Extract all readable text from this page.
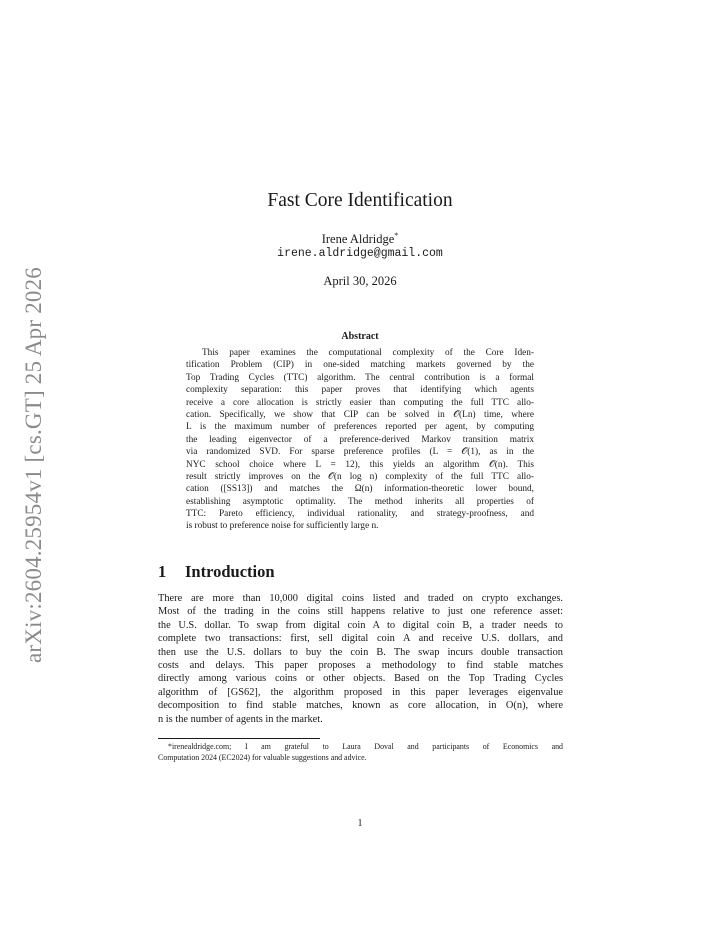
arXiv:2604.25954v1 [cs.GT] 25 Apr 2026
Fast Core Identification
Irene Aldridge*
irene.aldridge@gmail.com
April 30, 2026
Abstract
This paper examines the computational complexity of the Core Iden-
tification Problem (CIP) in one-sided matching markets governed by the
Top Trading Cycles (TTC) algorithm. The central contribution is a formal
complexity separation: this paper proves that identifying which agents
receive a core allocation is strictly easier than computing the full TTC allo-
cation. Specifically, we show that CIP can be solved in 𝒪(Ln) time, where
L is the maximum number of preferences reported per agent, by computing
the leading eigenvector of a preference-derived Markov transition matrix
via randomized SVD. For sparse preference profiles (L = 𝒪(1), as in the
NYC school choice where L = 12), this yields an algorithm 𝒪(n). This
result strictly improves on the 𝒪(n log n) complexity of the full TTC allo-
cation ([SS13]) and matches the Ω(n) information-theoretic lower bound,
establishing asymptotic optimality. The method inherits all properties of
TTC: Pareto efficiency, individual rationality, and strategy-proofness, and
is robust to preference noise for sufficiently large n.
1 Introduction
There are more than 10,000 digital coins listed and traded on crypto exchanges.
Most of the trading in the coins still happens relative to just one reference asset:
the U.S. dollar. To swap from digital coin A to digital coin B, a trader needs to
complete two transactions: first, sell digital coin A and receive U.S. dollars, and
then use the U.S. dollars to buy the coin B. The swap incurs double transaction
costs and delays. This paper proposes a methodology to find stable matches
directly among various coins or other objects. Based on the Top Trading Cycles
algorithm of [GS62], the algorithm proposed in this paper leverages eigenvalue
decomposition to find stable matches, known as core allocation, in O(n), where
n is the number of agents in the market.
*irenealdridge.com; I am grateful to Laura Doval and participants of Economics and
Computation 2024 (EC2024) for valuable suggestions and advice.
1
